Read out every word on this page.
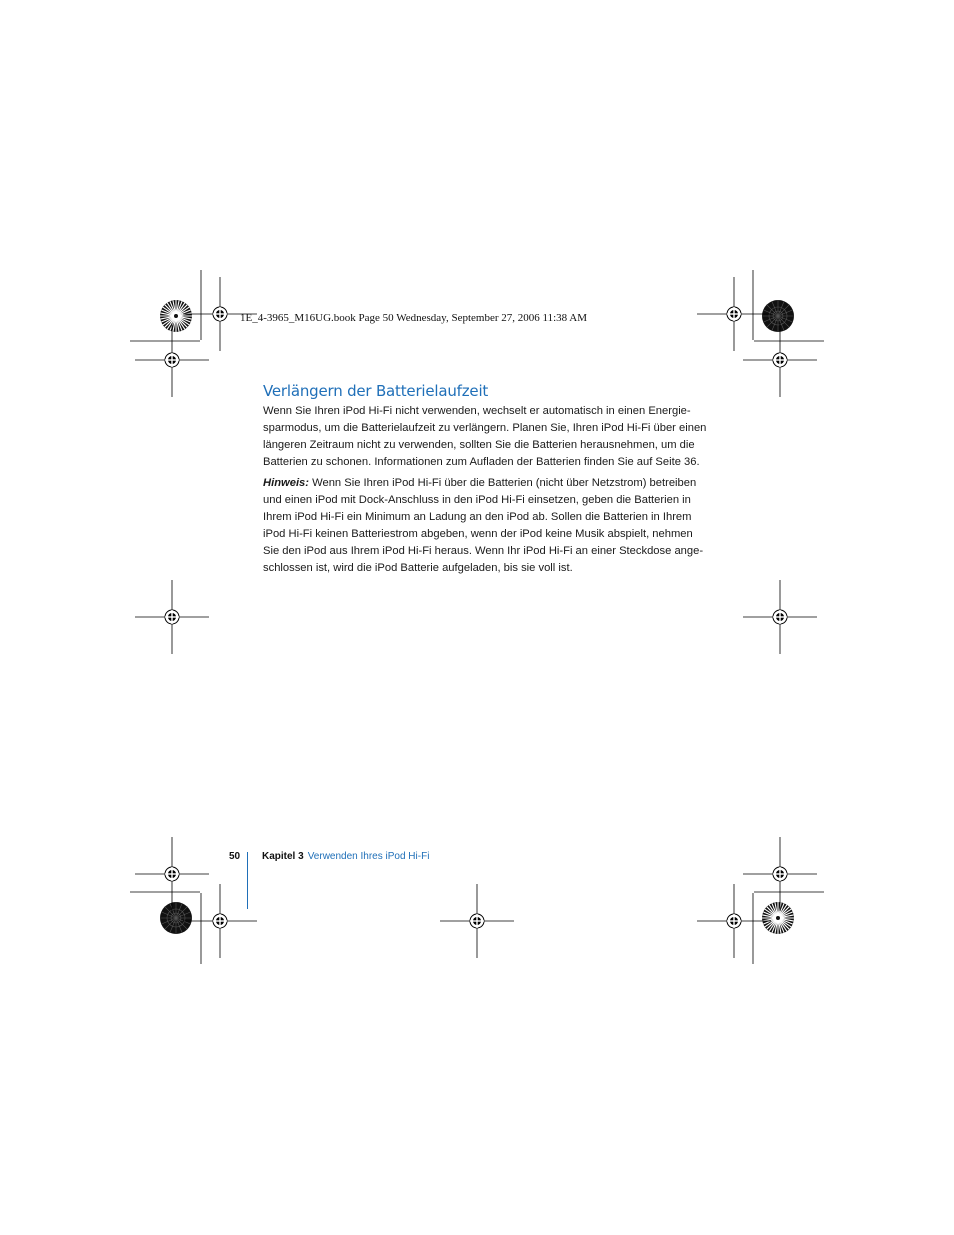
1E_4-3965_M16UG.book Page 50 Wednesday, September 27, 2006 11:38 AM
Verlängern der Batterielaufzeit

Wenn Sie Ihren iPod Hi-Fi nicht verwenden, wechselt er automatisch in einen Energie-sparmodus, um die Batterielaufzeit zu verlängern. Planen Sie, Ihren iPod Hi-Fi über einen längeren Zeitraum nicht zu verwenden, sollten Sie die Batterien herausnehmen, um die Batterien zu schonen. Informationen zum Aufladen der Batterien finden Sie auf Seite 36.

Hinweis: Wenn Sie Ihren iPod Hi-Fi über die Batterien (nicht über Netzstrom) betreiben und einen iPod mit Dock-Anschluss in den iPod Hi-Fi einsetzen, geben die Batterien in Ihrem iPod Hi-Fi ein Minimum an Ladung an den iPod ab. Sollen die Batterien in Ihrem iPod Hi-Fi keinen Batteriestrom abgeben, wenn der iPod keine Musik abspielt, nehmen Sie den iPod aus Ihrem iPod Hi-Fi heraus. Wenn Ihr iPod Hi-Fi an einer Steckdose ange-schlossen ist, wird die iPod Batterie aufgeladen, bis sie voll ist.

50 Kapitel 3 Verwenden Ihres iPod Hi-Fi
